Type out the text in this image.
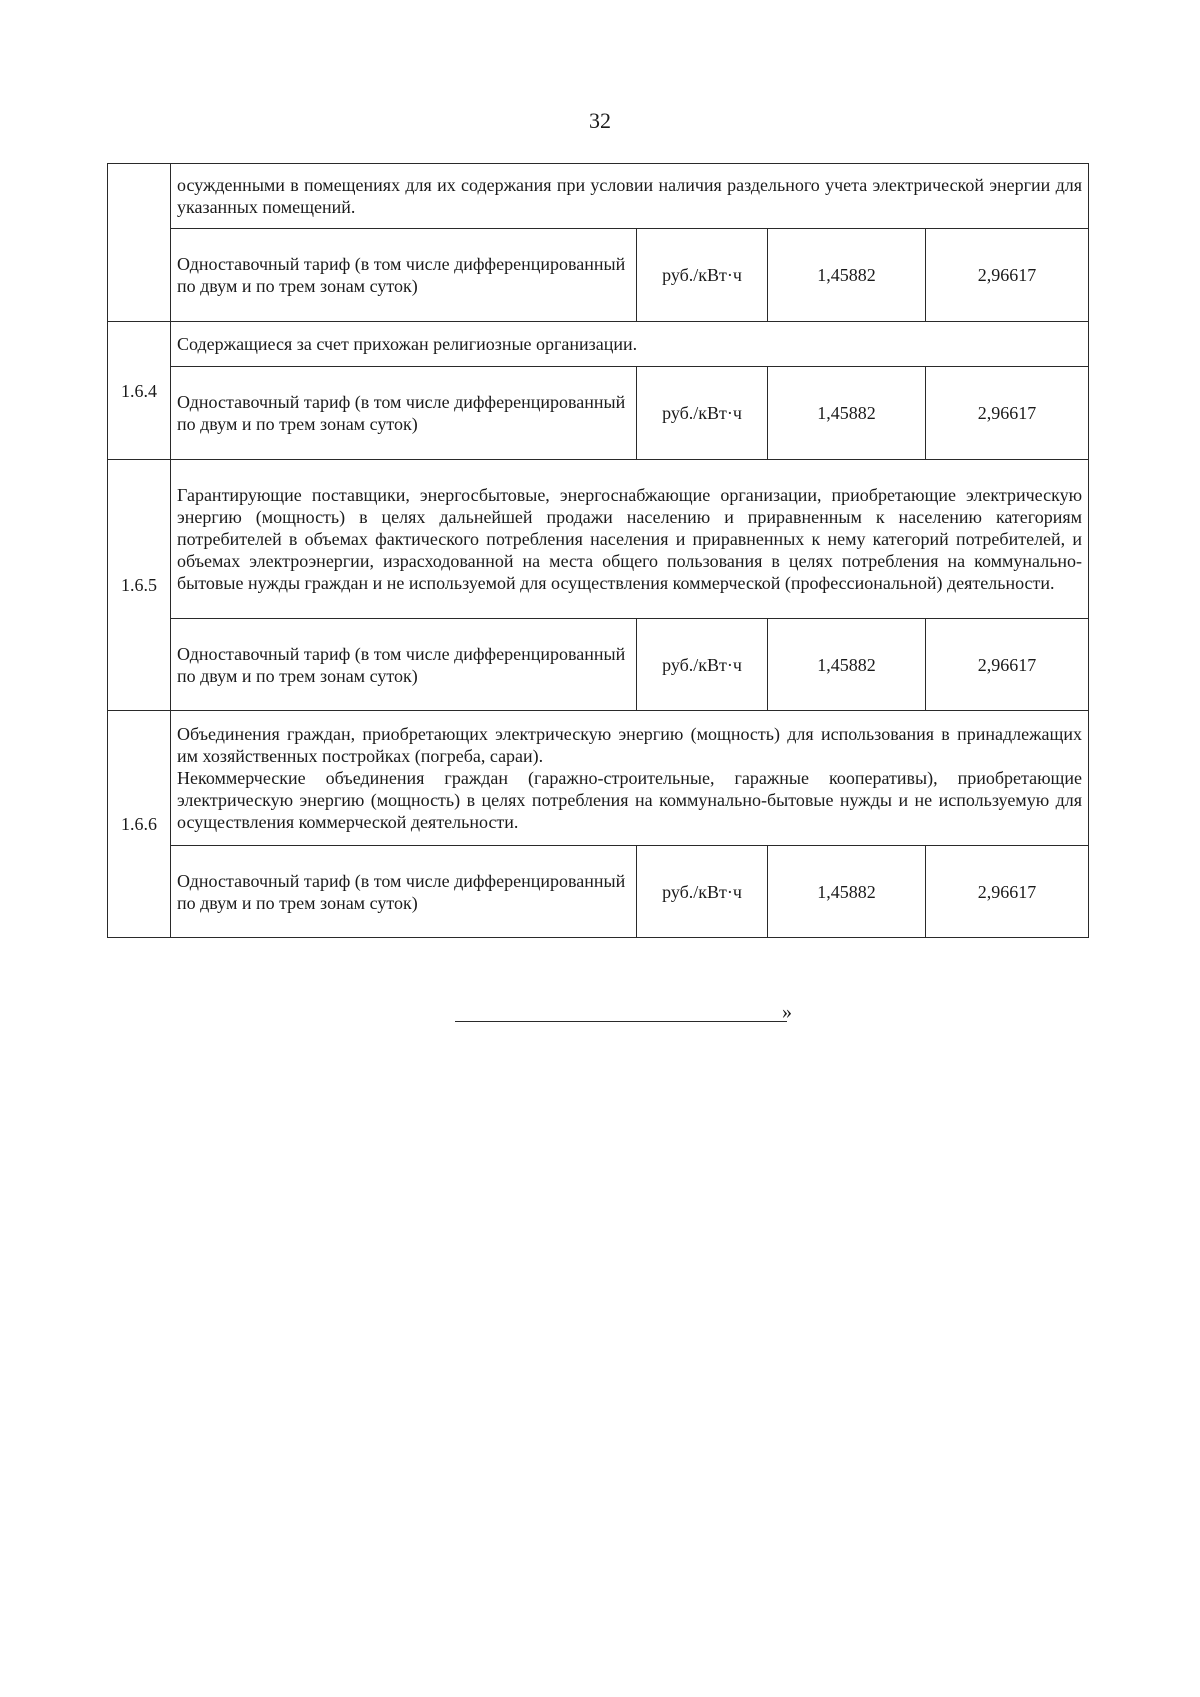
32
	осужденными в помещениях для их содержания при условии наличия раздельного учета электрической энергии для указанных помещений.			
	Одноставочный тариф (в том числе дифференцированный по двум и по трем зонам суток)	руб./кВт·ч	1,45882	2,96617
1.6.4	Содержащиеся за счет прихожан религиозные организации.			
	Одноставочный тариф (в том числе дифференцированный по двум и по трем зонам суток)	руб./кВт·ч	1,45882	2,96617
1.6.5	Гарантирующие поставщики, энергосбытовые, энергоснабжающие организации, приобретающие электрическую энергию (мощность) в целях дальнейшей продажи населению и приравненным к населению категориям потребителей в объемах фактического потребления населения и приравненных к нему категорий потребителей, и объемах электроэнергии, израсходованной на места общего пользования в целях потребления на коммунально-бытовые нужды граждан и не используемой для осуществления коммерческой (профессиональной) деятельности.			
	Одноставочный тариф (в том числе дифференцированный по двум и по трем зонам суток)	руб./кВт·ч	1,45882	2,96617
1.6.6	Объединения граждан, приобретающих электрическую энергию (мощность) для использования в принадлежащих им хозяйственных постройках (погреба, сараи).
Некоммерческие объединения граждан (гаражно-строительные, гаражные кооперативы), приобретающие электрическую энергию (мощность) в целях потребления на коммунально-бытовые нужды и не используемую для осуществления коммерческой деятельности.			

	Одноставочный тариф (в том числе дифференцированный по двум и по трем зонам суток)	руб./кВт·ч	1,45882	2,96617
»
